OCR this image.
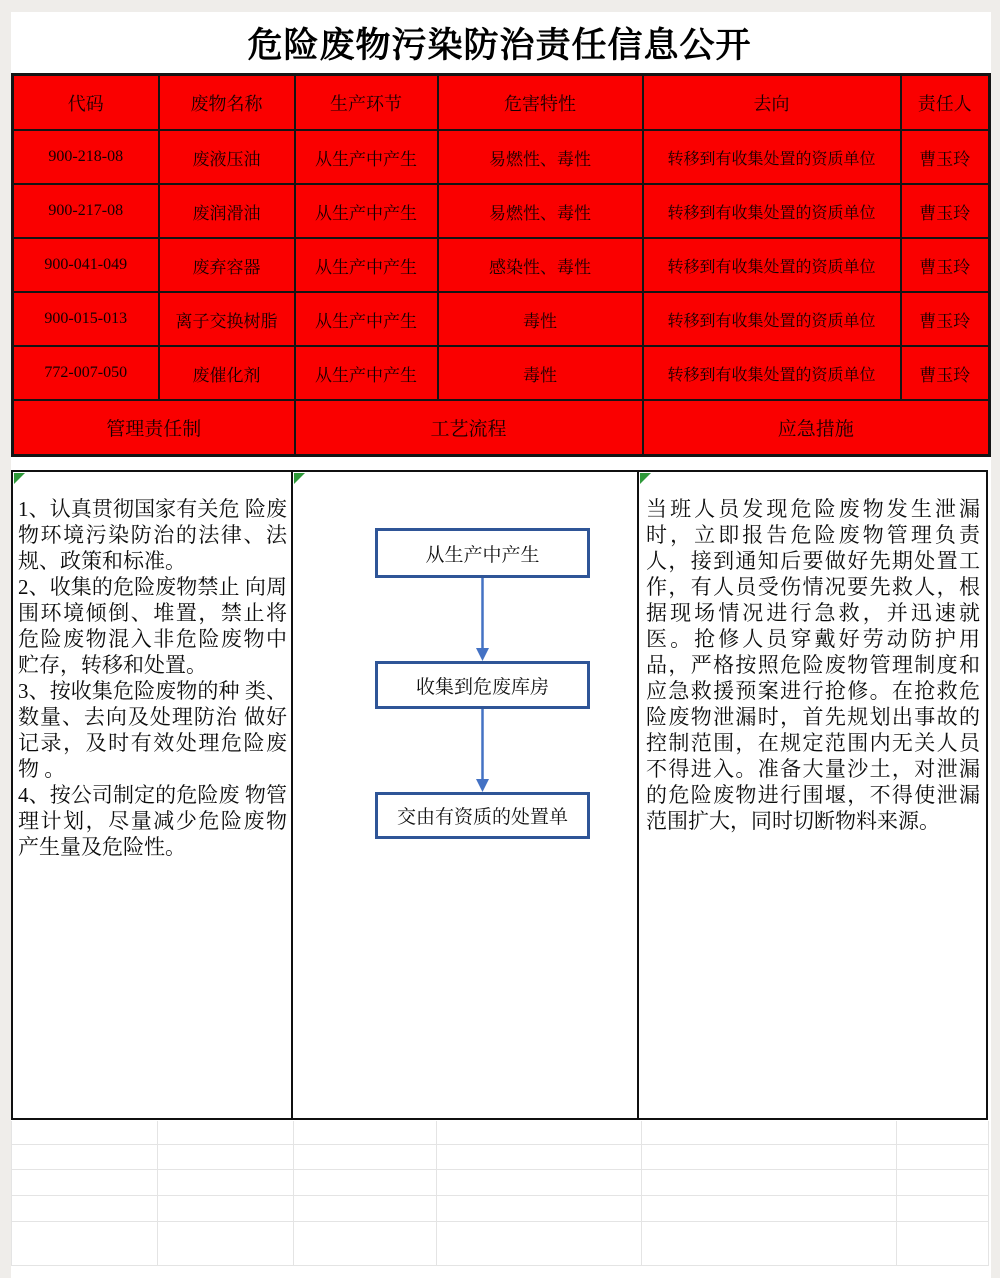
危险废物污染防治责任信息公开
代码	废物名称	生产环节	危害特性	去向	责任人
900-218-08	废液压油	从生产中产生	易燃性、毒性	转移到有收集处置的资质单位	曹玉玲
900-217-08	废润滑油	从生产中产生	易燃性、毒性	转移到有收集处置的资质单位	曹玉玲
900-041-049	废弃容器	从生产中产生	感染性、毒性	转移到有收集处置的资质单位	曹玉玲
900-015-013	离子交换树脂	从生产中产生	毒性	转移到有收集处置的资质单位	曹玉玲
772-007-050	废催化剂	从生产中产生	毒性	转移到有收集处置的资质单位	曹玉玲
管理责任制		工艺流程		应急措施	

1、认真贯彻国家有关危 险废物环境污染防治的法律、法规、政策和标准。

2、收集的危险废物禁止 向周围环境倾倒、堆置，禁止将危险废物混入非危险废物中贮存，转移和处置。

3、按收集危险废物的种 类、数量、去向及处理防治 做好记录，及时有效处理危险废物 。

4、按公司制定的危险废 物管理计划，尽量减少危险废物产生量及危险性。

从生产中产生
收集到危废库房
交由有资质的处置单

当班人员发现危险废物发生泄漏时，立即报告危险废物管理负责人，接到通知后要做好先期处置工作，有人员受伤情况要先救人，根据现场情况进行急救，并迅速就医。抢修人员穿戴好劳动防护用品，严格按照危险废物管理制度和应急救援预案进行抢修。在抢救危险废物泄漏时，首先规划出事故的控制范围，在规定范围内无关人员不得进入。准备大量沙土，对泄漏的危险废物进行围堰，不得使泄漏范围扩大，同时切断物料来源。
